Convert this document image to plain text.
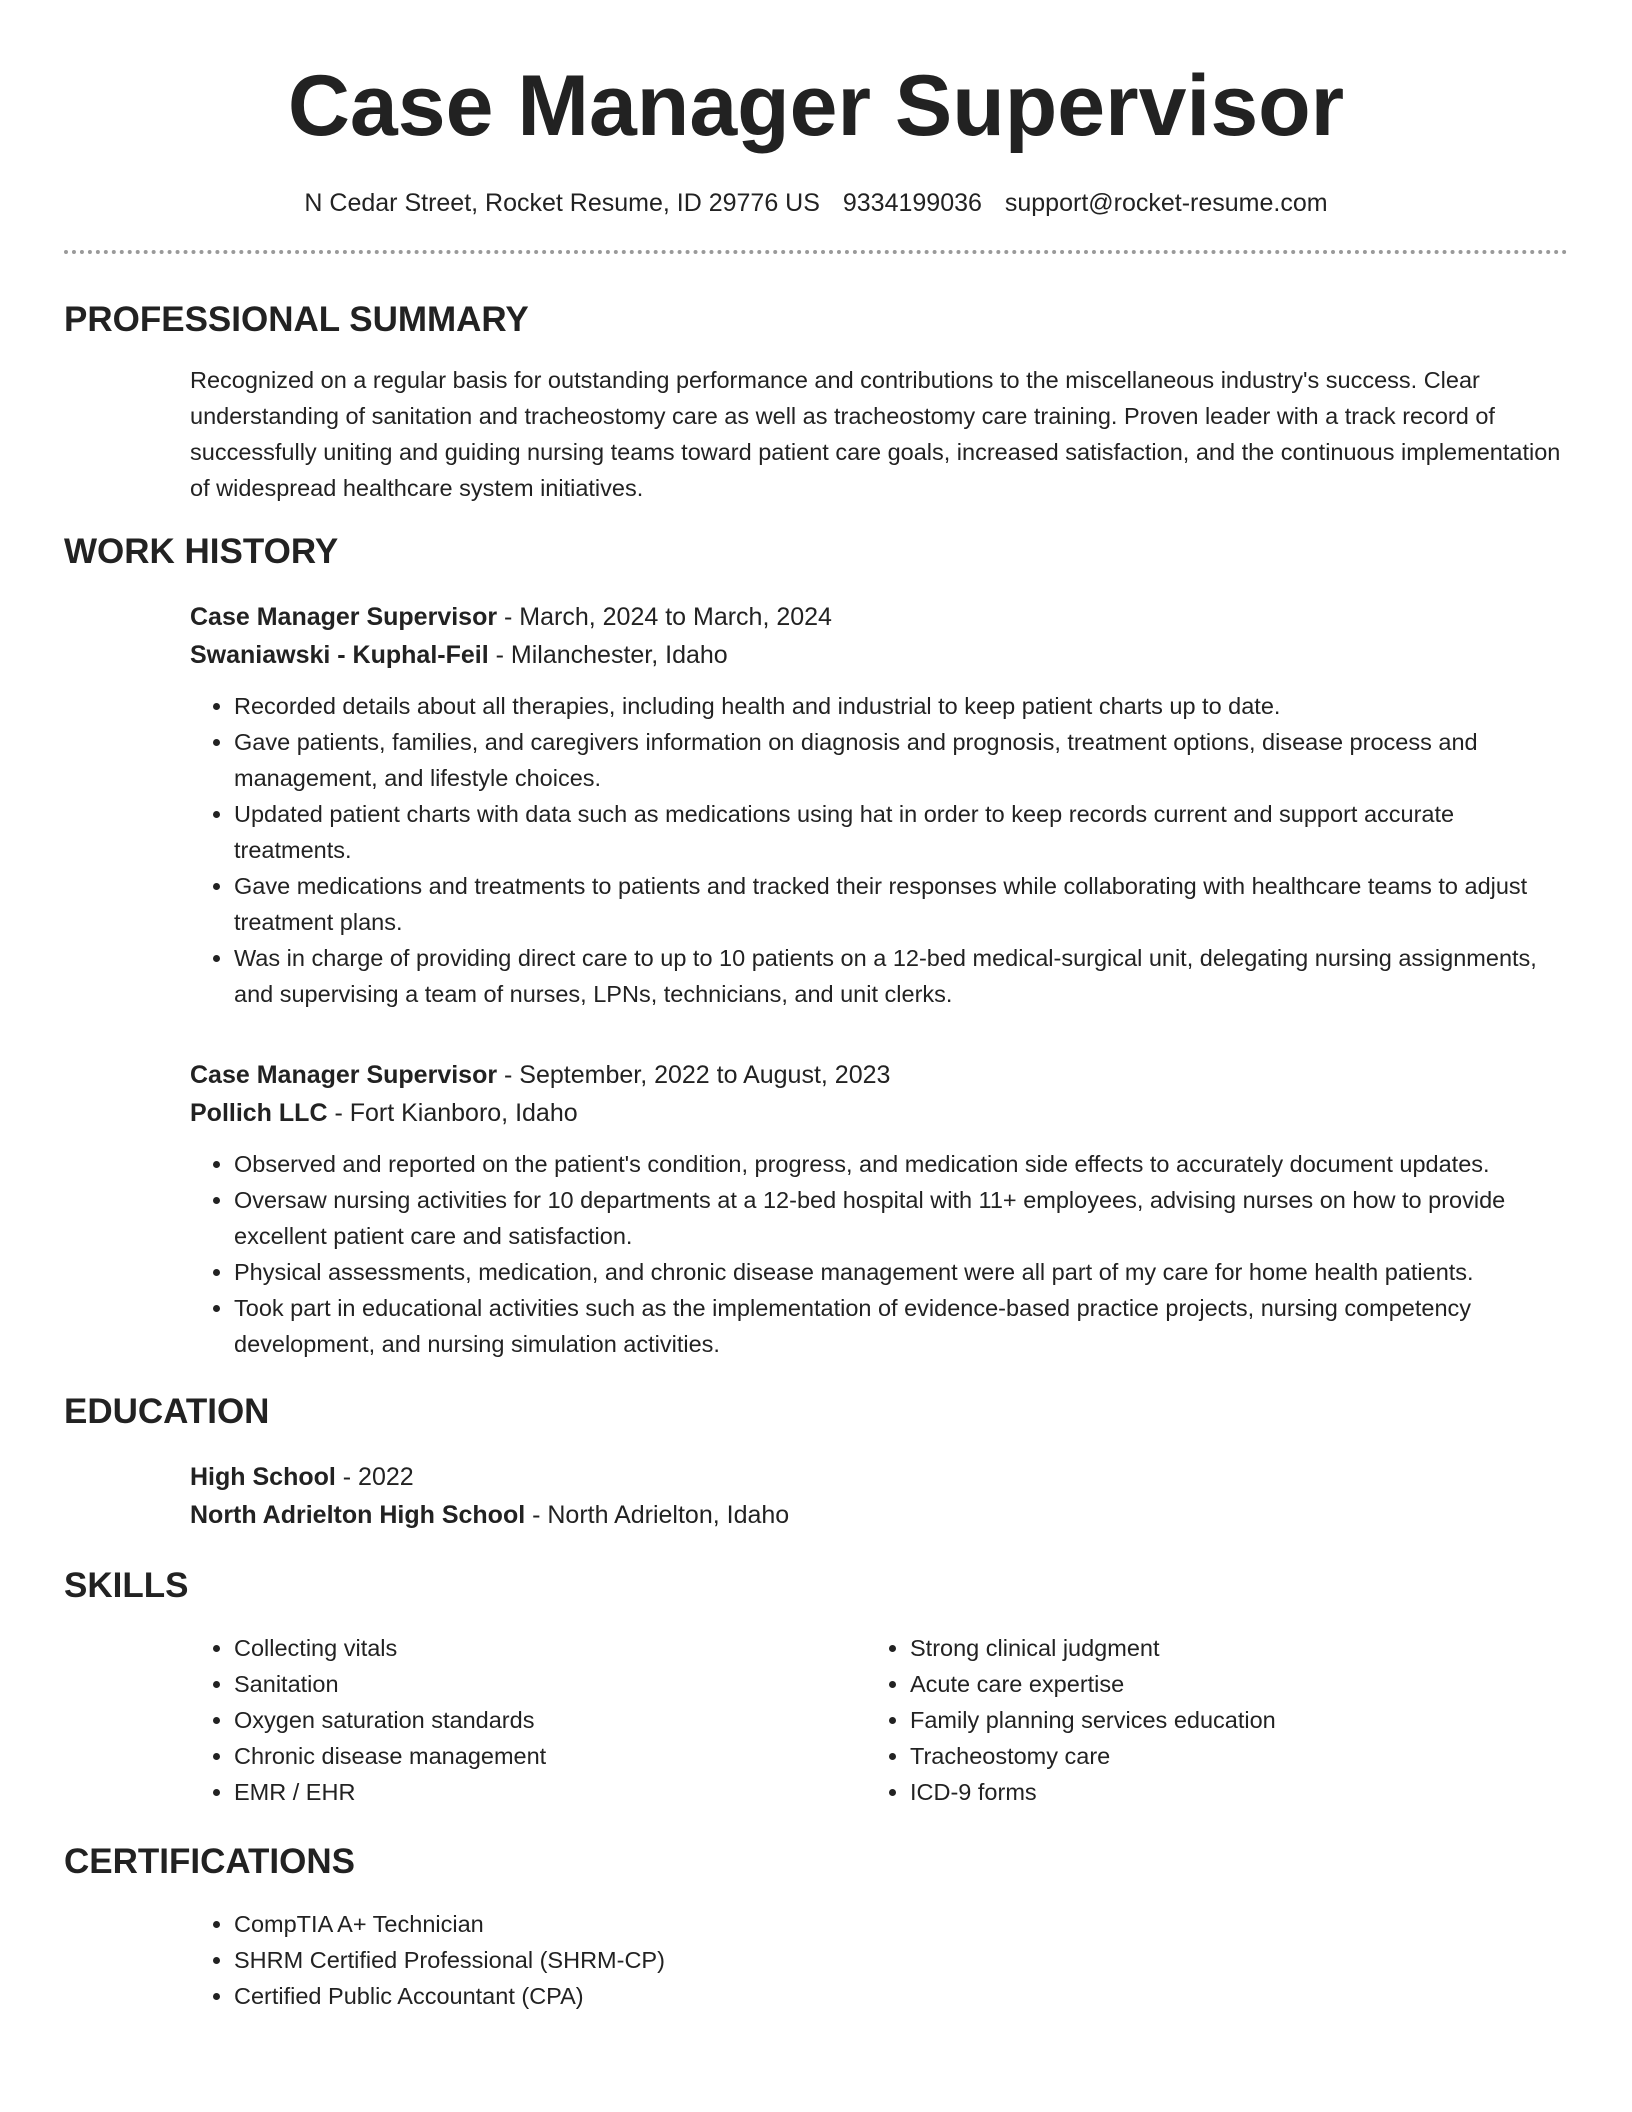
Case Manager Supervisor
N Cedar Street, Rocket Resume, ID 29776 US 9334199036 support@rocket-resume.com
PROFESSIONAL SUMMARY
Recognized on a regular basis for outstanding performance and contributions to the miscellaneous industry's success. Clear understanding of sanitation and tracheostomy care as well as tracheostomy care training. Proven leader with a track record of successfully uniting and guiding nursing teams toward patient care goals, increased satisfaction, and the continuous implementation of widespread healthcare system initiatives.
WORK HISTORY
Case Manager Supervisor - March, 2024 to March, 2024
Swaniawski - Kuphal-Feil - Milanchester, Idaho
• Recorded details about all therapies, including health and industrial to keep patient charts up to date.
• Gave patients, families, and caregivers information on diagnosis and prognosis, treatment options, disease process and management, and lifestyle choices.
• Updated patient charts with data such as medications using hat in order to keep records current and support accurate treatments.
• Gave medications and treatments to patients and tracked their responses while collaborating with healthcare teams to adjust treatment plans.
• Was in charge of providing direct care to up to 10 patients on a 12-bed medical-surgical unit, delegating nursing assignments, and supervising a team of nurses, LPNs, technicians, and unit clerks.
Case Manager Supervisor - September, 2022 to August, 2023
Pollich LLC - Fort Kianboro, Idaho
• Observed and reported on the patient's condition, progress, and medication side effects to accurately document updates.
• Oversaw nursing activities for 10 departments at a 12-bed hospital with 11+ employees, advising nurses on how to provide excellent patient care and satisfaction.
• Physical assessments, medication, and chronic disease management were all part of my care for home health patients.
• Took part in educational activities such as the implementation of evidence-based practice projects, nursing competency development, and nursing simulation activities.
EDUCATION
High School - 2022
North Adrielton High School - North Adrielton, Idaho
SKILLS
• Collecting vitals
• Sanitation
• Oxygen saturation standards
• Chronic disease management
• EMR / EHR
• Strong clinical judgment
• Acute care expertise
• Family planning services education
• Tracheostomy care
• ICD-9 forms
CERTIFICATIONS
• CompTIA A+ Technician
• SHRM Certified Professional (SHRM-CP)
• Certified Public Accountant (CPA)
